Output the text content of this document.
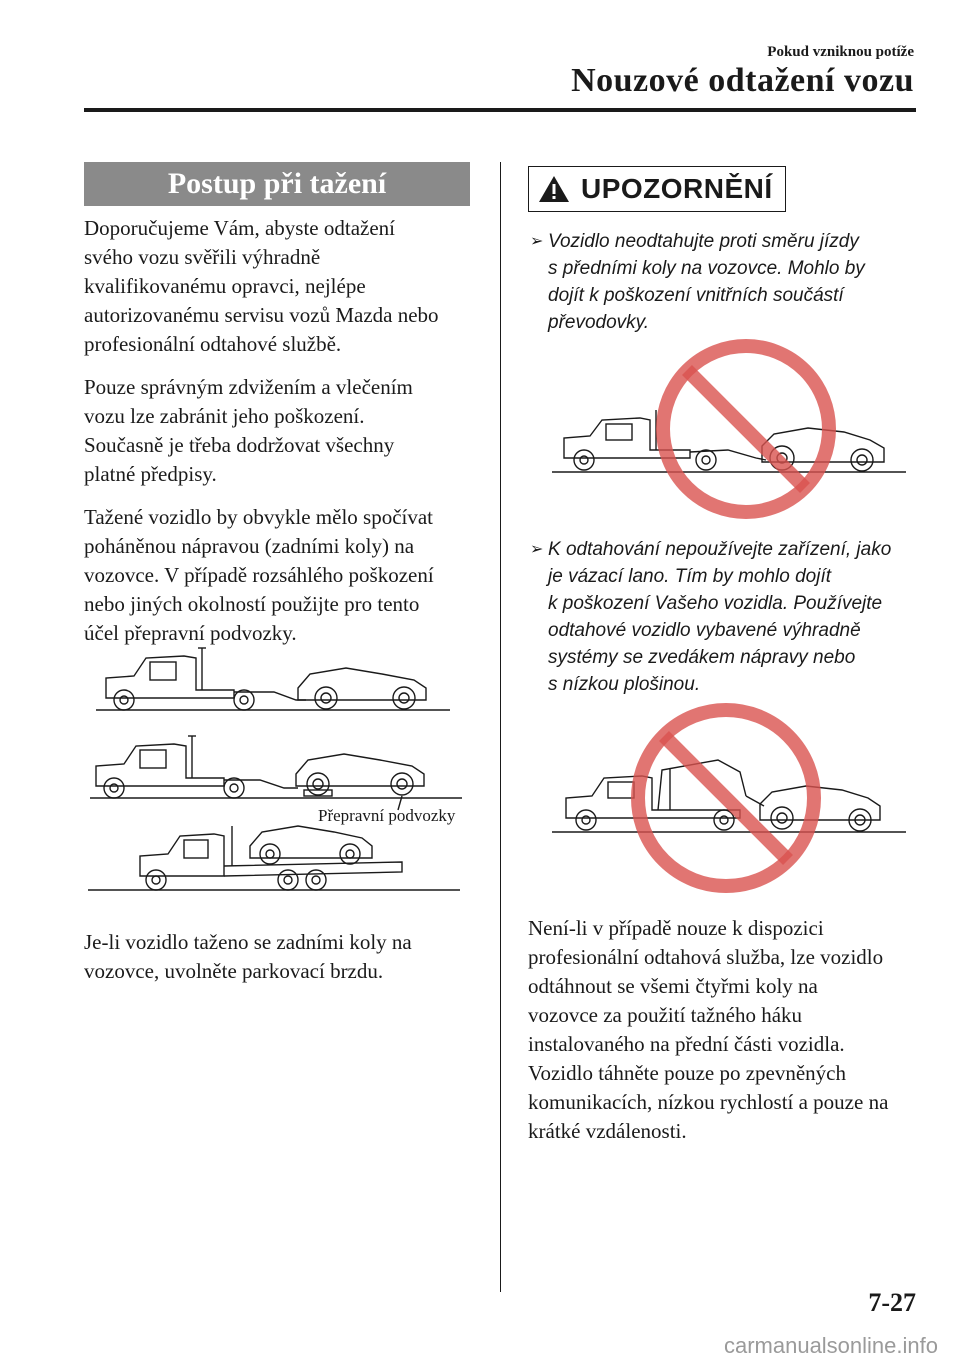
Pokud vzniknou potíže
Nouzové odtažení vozu
Postup při tažení
Doporučujeme Vám, abyste odtažení
svého vozu svěřili výhradně
kvalifikovanému opravci, nejlépe
autorizovanému servisu vozů Mazda nebo
profesionální odtahové službě.
Pouze správným zdvižením a vlečením
vozu lze zabránit jeho poškození.
Současně je třeba dodržovat všechny
platné předpisy.
Tažené vozidlo by obvykle mělo spočívat
poháněnou nápravou (zadními koly) na
vozovce. V případě rozsáhlého poškození
nebo jiných okolností použijte pro tento
účel přepravní podvozky.
Přepravní podvozky
Je-li vozidlo taženo se zadními koly na
vozovce, uvolněte parkovací brzdu.
UPOZORNĚNÍ
➢ Vozidlo neodtahujte proti směru jízdy
s předními koly na vozovce. Mohlo by
dojít k poškození vnitřních součástí
převodovky.
➢ K odtahování nepoužívejte zařízení, jako
je vázací lano. Tím by mohlo dojít
k poškození Vašeho vozidla. Používejte
odtahové vozidlo vybavené výhradně
systémy se zvedákem nápravy nebo
s nízkou plošinou.
Není-li v případě nouze k dispozici
profesionální odtahová služba, lze vozidlo
odtáhnout se všemi čtyřmi koly na
vozovce za použití tažného háku
instalovaného na přední části vozidla.
Vozidlo táhněte pouze po zpevněných
komunikacích, nízkou rychlostí a pouze na
krátké vzdálenosti.
7-27
carmanualsonline.info
